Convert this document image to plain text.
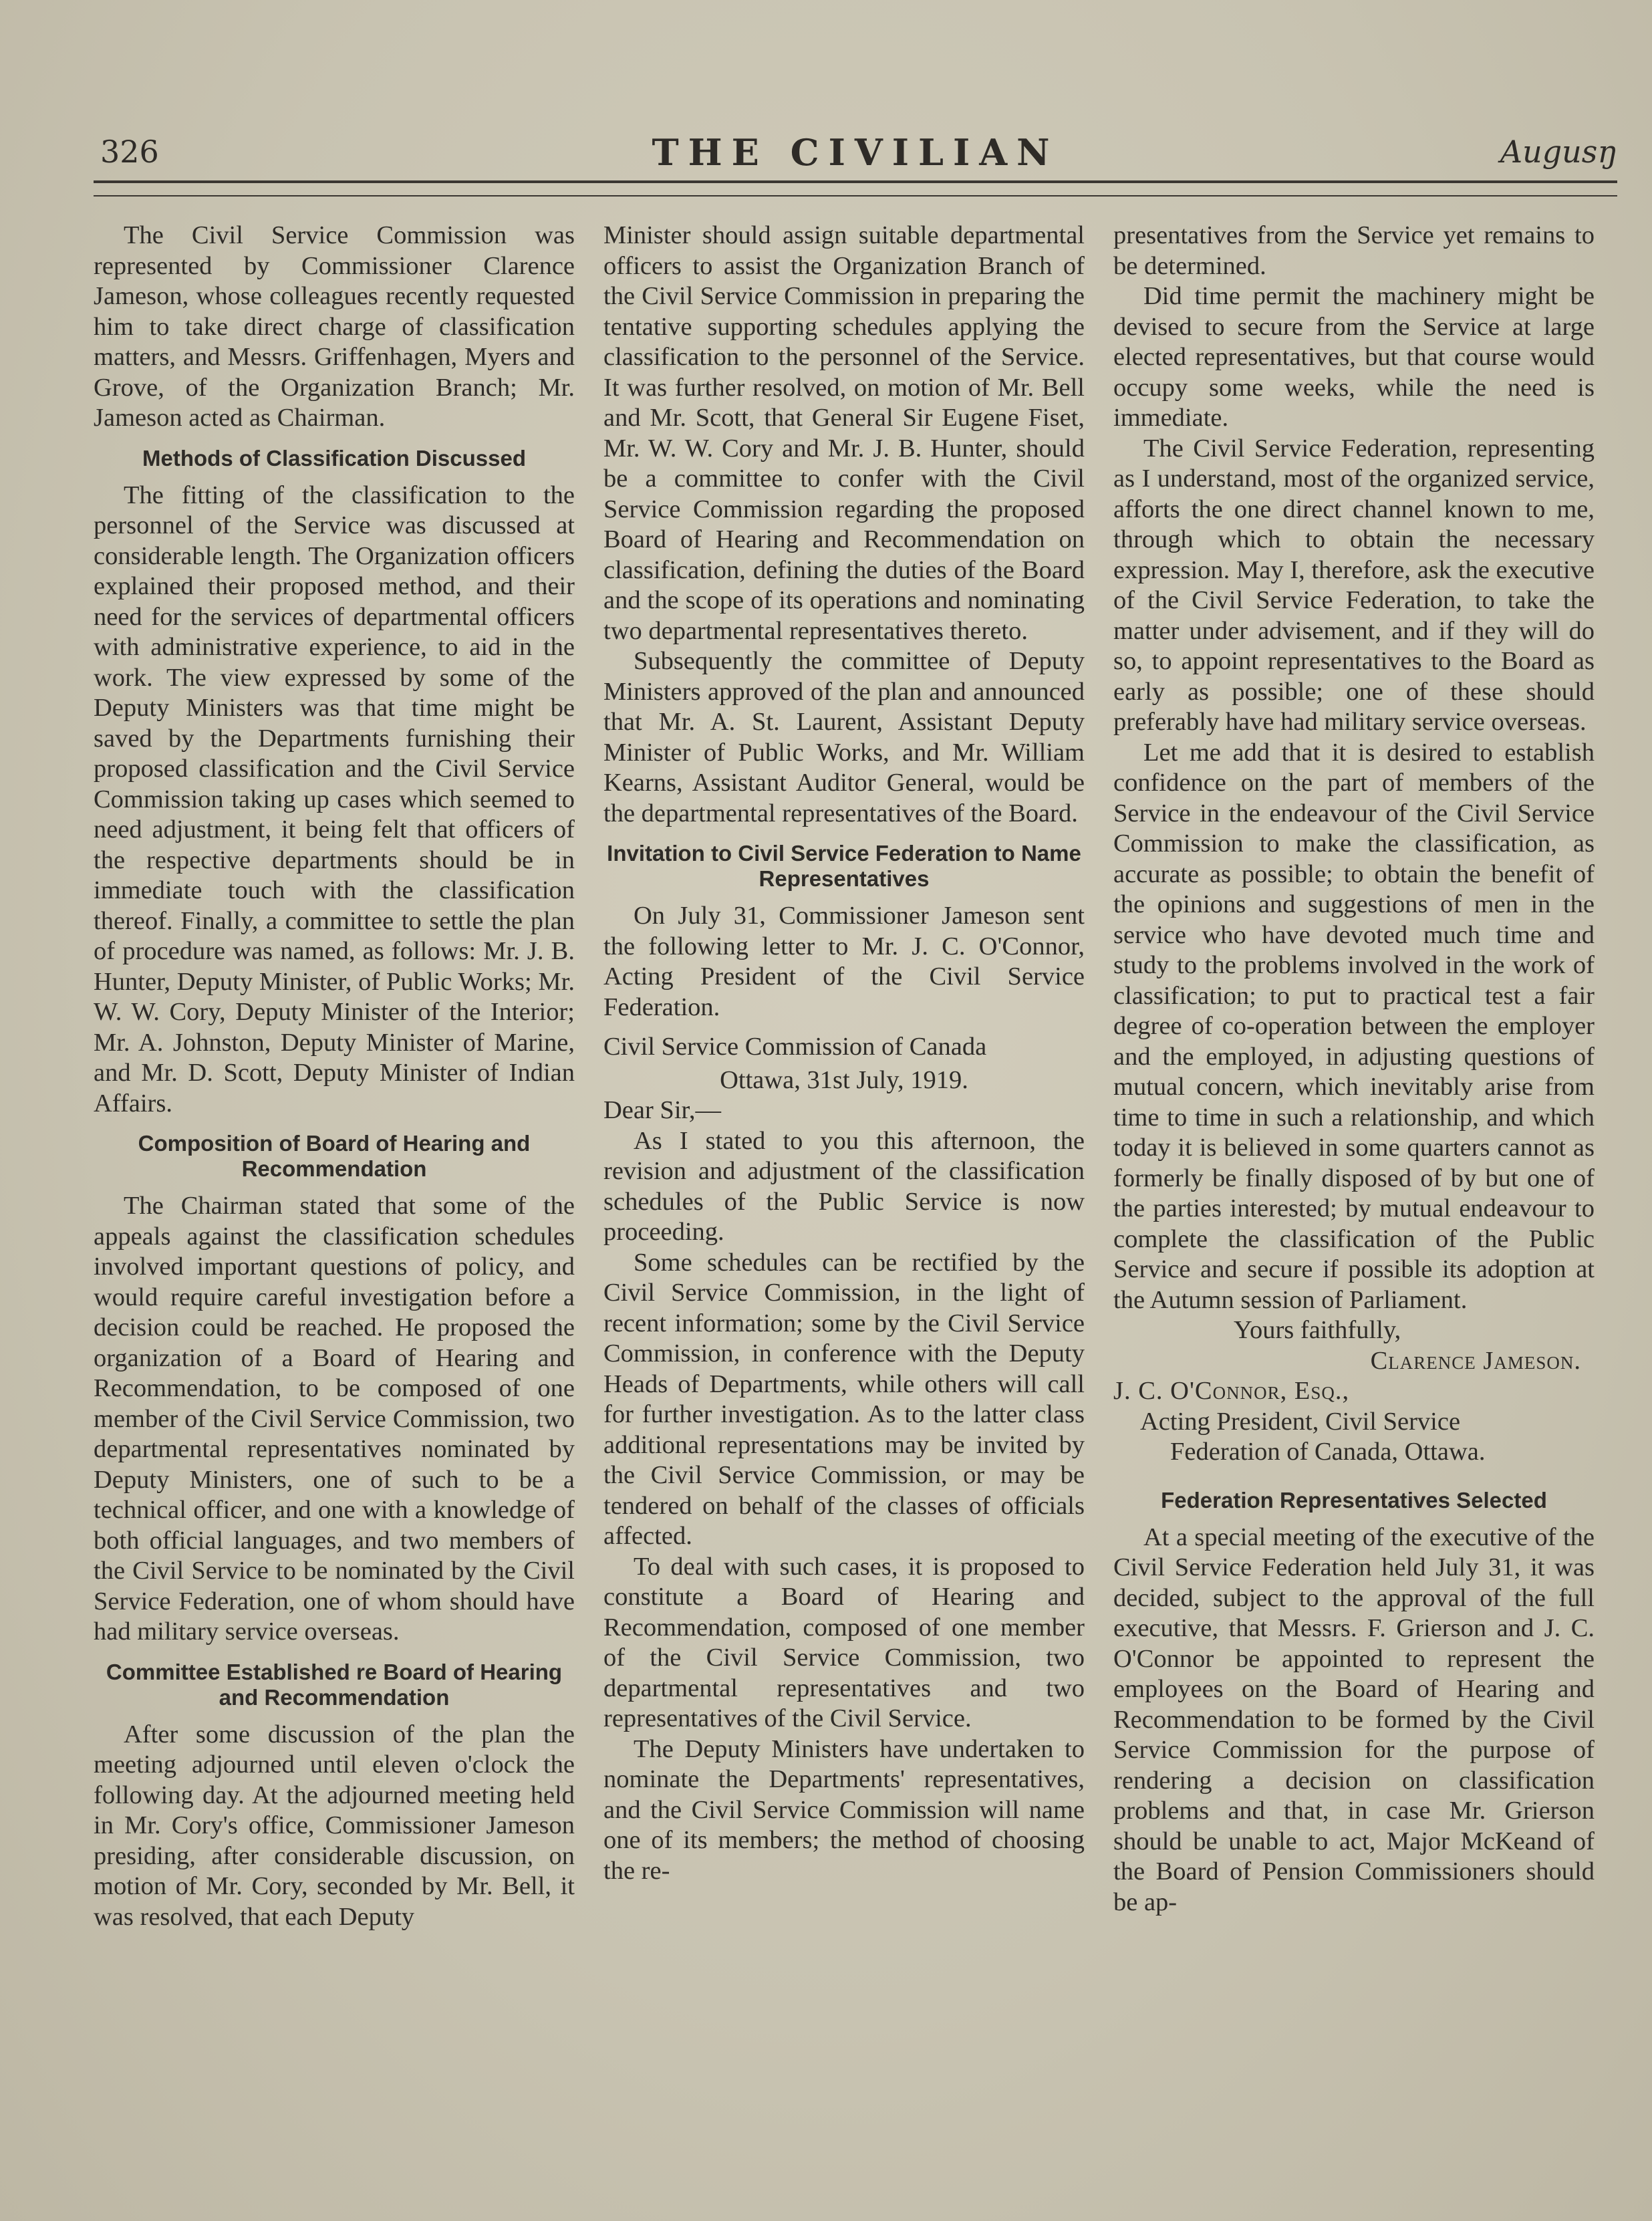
326	THE CIVILIAN	Augusŋ

The Civil Service Commission was represented by Commissioner Clarence Jameson, whose colleagues recently requested him to take direct charge of classification matters, and Messrs. Griffenhagen, Myers and Grove, of the Organization Branch; Mr. Jameson acted as Chairman.

Methods of Classification Discussed

The fitting of the classification to the personnel of the Service was discussed at considerable length. The Organization officers explained their proposed method, and their need for the services of departmental officers with administrative experience, to aid in the work. The view expressed by some of the Deputy Ministers was that time might be saved by the Departments furnishing their proposed classification and the Civil Service Commission taking up cases which seemed to need adjustment, it being felt that officers of the respective departments should be in immediate touch with the classification thereof. Finally, a committee to settle the plan of procedure was named, as follows: Mr. J. B. Hunter, Deputy Minister, of Public Works; Mr. W. W. Cory, Deputy Minister of the Interior; Mr. A. Johnston, Deputy Minister of Marine, and Mr. D. Scott, Deputy Minister of Indian Affairs.

Composition of Board of Hearing and Recommendation

The Chairman stated that some of the appeals against the classification schedules involved important questions of policy, and would require careful investigation before a decision could be reached. He proposed the organization of a Board of Hearing and Recommendation, to be composed of one member of the Civil Service Commission, two departmental representatives nominated by Deputy Ministers, one of such to be a technical officer, and one with a knowledge of both official languages, and two members of the Civil Service to be nominated by the Civil Service Federation, one of whom should have had military service overseas.

Committee Established re Board of Hearing and Recommendation

After some discussion of the plan the meeting adjourned until eleven o'clock the following day. At the adjourned meeting held in Mr. Cory's office, Commissioner Jameson presiding, after considerable discussion, on motion of Mr. Cory, seconded by Mr. Bell, it was resolved, that each Deputy

Minister should assign suitable departmental officers to assist the Organization Branch of the Civil Service Commission in preparing the tentative supporting schedules applying the classification to the personnel of the Service. It was further resolved, on motion of Mr. Bell and Mr. Scott, that General Sir Eugene Fiset, Mr. W. W. Cory and Mr. J. B. Hunter, should be a committee to confer with the Civil Service Commission regarding the proposed Board of Hearing and Recommendation on classification, defining the duties of the Board and the scope of its operations and nominating two departmental representatives thereto.

Subsequently the committee of Deputy Ministers approved of the plan and announced that Mr. A. St. Laurent, Assistant Deputy Minister of Public Works, and Mr. William Kearns, Assistant Auditor General, would be the departmental representatives of the Board.

Invitation to Civil Service Federation to Name Representatives

On July 31, Commissioner Jameson sent the following letter to Mr. J. C. O'Connor, Acting President of the Civil Service Federation.

Civil Service Commission of Canada

Ottawa, 31st July, 1919.

Dear Sir,—

As I stated to you this afternoon, the revision and adjustment of the classification schedules of the Public Service is now proceeding.

Some schedules can be rectified by the Civil Service Commission, in the light of recent information; some by the Civil Service Commission, in conference with the Deputy Heads of Departments, while others will call for further investigation. As to the latter class additional representations may be invited by the Civil Service Commission, or may be tendered on behalf of the classes of officials affected.

To deal with such cases, it is proposed to constitute a Board of Hearing and Recommendation, composed of one member of the Civil Service Commission, two departmental representatives and two representatives of the Civil Service.

The Deputy Ministers have undertaken to nominate the Departments' representatives, and the Civil Service Commission will name one of its members; the method of choosing the re-

presentatives from the Service yet remains to be determined.

Did time permit the machinery might be devised to secure from the Service at large elected representatives, but that course would occupy some weeks, while the need is immediate.

The Civil Service Federation, representing as I understand, most of the organized service, afforts the one direct channel known to me, through which to obtain the necessary expression. May I, therefore, ask the executive of the Civil Service Federation, to take the matter under advisement, and if they will do so, to appoint representatives to the Board as early as possible; one of these should preferably have had military service overseas.

Let me add that it is desired to establish confidence on the part of members of the Service in the endeavour of the Civil Service Commission to make the classification, as accurate as possible; to obtain the benefit of the opinions and suggestions of men in the service who have devoted much time and study to the problems involved in the work of classification; to put to practical test a fair degree of co-operation between the employer and the employed, in adjusting questions of mutual concern, which inevitably arise from time to time in such a relationship, and which today it is believed in some quarters cannot as formerly be finally disposed of by but one of the parties interested; by mutual endeavour to complete the classification of the Public Service and secure if possible its adoption at the Autumn session of Parliament.

Yours faithfully,

Clarence Jameson.

J. C. O'Connor, Esq.,

Acting President, Civil Service

Federation of Canada, Ottawa.

Federation Representatives Selected

At a special meeting of the executive of the Civil Service Federation held July 31, it was decided, subject to the approval of the full executive, that Messrs. F. Grierson and J. C. O'Connor be appointed to represent the employees on the Board of Hearing and Recommendation to be formed by the Civil Service Commission for the purpose of rendering a decision on classification problems and that, in case Mr. Grierson should be unable to act, Major McKeand of the Board of Pension Commissioners should be ap-
